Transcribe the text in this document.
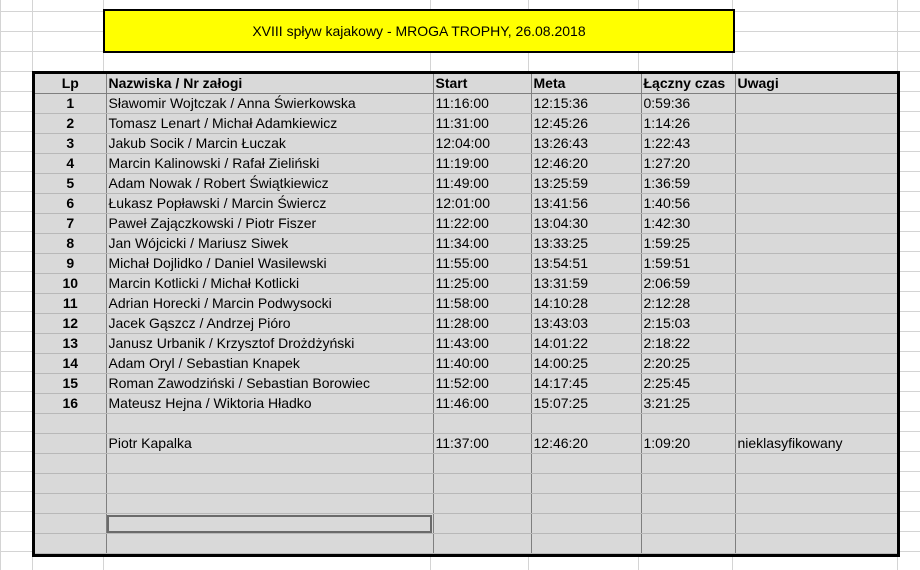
XVIII spływ kajakowy - MROGA TROPHY, 26.08.2018
Lp	Nazwiska / Nr załogi	Start	Meta	Łączny czas	Uwagi
1	Sławomir Wojtczak / Anna Świerkowska	11:16:00	12:15:36	0:59:36	
2	Tomasz Lenart / Michał Adamkiewicz	11:31:00	12:45:26	1:14:26	
3	Jakub Socik / Marcin Łuczak	12:04:00	13:26:43	1:22:43	
4	Marcin Kalinowski / Rafał Zieliński	11:19:00	12:46:20	1:27:20	
5	Adam Nowak / Robert Świątkiewicz	11:49:00	13:25:59	1:36:59	
6	Łukasz Popławski / Marcin Świercz	12:01:00	13:41:56	1:40:56	
7	Paweł Zajączkowski / Piotr Fiszer	11:22:00	13:04:30	1:42:30	
8	Jan Wójcicki / Mariusz Siwek	11:34:00	13:33:25	1:59:25	
9	Michał Dojlidko / Daniel Wasilewski	11:55:00	13:54:51	1:59:51	
10	Marcin Kotlicki / Michał Kotlicki	11:25:00	13:31:59	2:06:59	
11	Adrian Horecki / Marcin Podwysocki	11:58:00	14:10:28	2:12:28	
12	Jacek Gąszcz / Andrzej Pióro	11:28:00	13:43:03	2:15:03	
13	Janusz Urbanik / Krzysztof Drożdżyński	11:43:00	14:01:22	2:18:22	
14	Adam Oryl / Sebastian Knapek	11:40:00	14:00:25	2:20:25	
15	Roman Zawodziński / Sebastian Borowiec	11:52:00	14:17:45	2:25:45	
16	Mateusz Hejna / Wiktoria Hładko	11:46:00	15:07:25	3:21:25	

	Piotr Kapalka	11:37:00	12:46:20	1:09:20	nieklasyfikowany
